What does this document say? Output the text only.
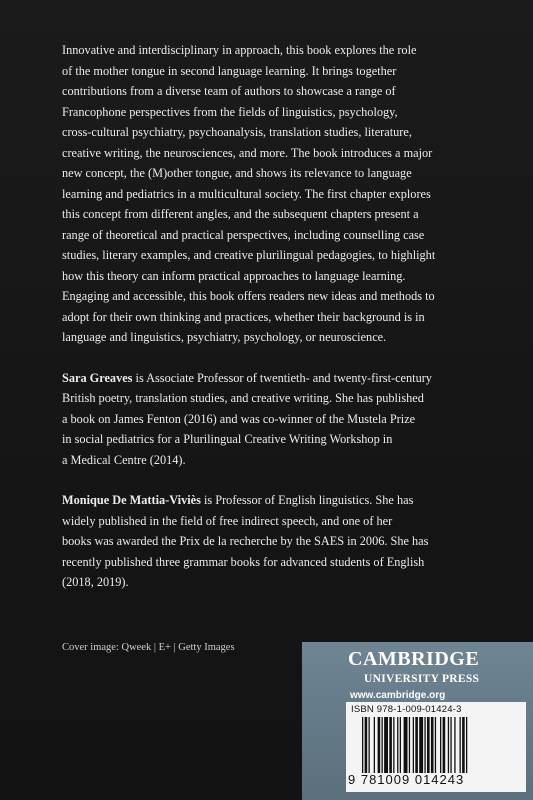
Innovative and interdisciplinary in approach, this book explores the role
of the mother tongue in second language learning. It brings together
contributions from a diverse team of authors to showcase a range of
Francophone perspectives from the fields of linguistics, psychology,
cross-cultural psychiatry, psychoanalysis, translation studies, literature,
creative writing, the neurosciences, and more. The book introduces a major
new concept, the (M)other tongue, and shows its relevance to language
learning and pediatrics in a multicultural society. The first chapter explores
this concept from different angles, and the subsequent chapters present a
range of theoretical and practical perspectives, including counselling case
studies, literary examples, and creative plurilingual pedagogies, to highlight
how this theory can inform practical approaches to language learning.
Engaging and accessible, this book offers readers new ideas and methods to
adopt for their own thinking and practices, whether their background is in
language and linguistics, psychiatry, psychology, or neuroscience.

Sara Greaves is Associate Professor of twentieth- and twenty-first-century
British poetry, translation studies, and creative writing. She has published
a book on James Fenton (2016) and was co-winner of the Mustela Prize
in social pediatrics for a Plurilingual Creative Writing Workshop in
a Medical Centre (2014).

Monique De Mattia-Viviès is Professor of English linguistics. She has
widely published in the field of free indirect speech, and one of her
books was awarded the Prix de la recherche by the SAES in 2006. She has
recently published three grammar books for advanced students of English
(2018, 2019).

Cover image: Qweek | E+ | Getty Images
CAMBRIDGE
UNIVERSITY PRESS
www.cambridge.org
ISBN 978-1-009-01424-3
9 781009 014243
